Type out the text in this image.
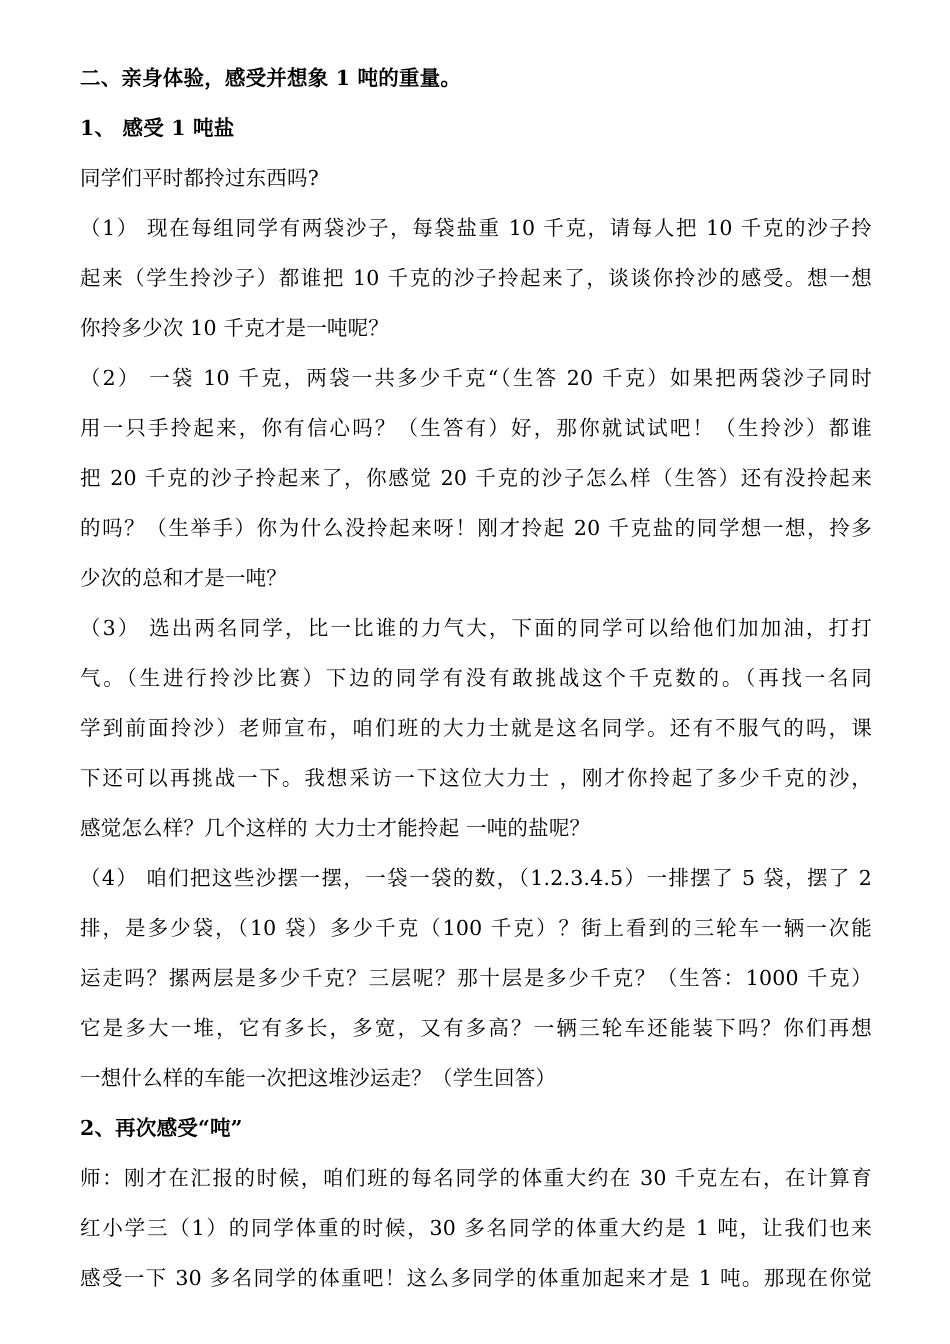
二、亲身体验，感受并想象 1 吨的重量。
1、 感受 1 吨盐
同学们平时都拎过东西吗?
（1） 现在每组同学有两袋沙子，每袋盐重 10 千克，请每人把 10 千克的沙子拎
起来（学生拎沙子）都谁把 10 千克的沙子拎起来了，谈谈你拎沙的感受。想一想
你拎多少次 10 千克才是一吨呢？
（2） 一袋 10 千克，两袋一共多少千克“（生答 20 千克）如果把两袋沙子同时
用一只手拎起来，你有信心吗？（生答有）好，那你就试试吧！（生拎沙）都谁
把 20 千克的沙子拎起来了，你感觉 20 千克的沙子怎么样（生答）还有没拎起来
的吗？（生举手）你为什么没拎起来呀！刚才拎起 20 千克盐的同学想一想，拎多
少次的总和才是一吨？
（3） 选出两名同学，比一比谁的力气大，下面的同学可以给他们加加油，打打
气。（生进行拎沙比赛）下边的同学有没有敢挑战这个千克数的。（再找一名同
学到前面拎沙）老师宣布，咱们班的大力士就是这名同学。还有不服气的吗，课
下还可以再挑战一下。我想采访一下这位大力士 ，刚才你拎起了多少千克的沙，
感觉怎么样？几个这样的 大力士才能拎起 一吨的盐呢？
（4） 咱们把这些沙摆一摆，一袋一袋的数，（1.2.3.4.5）一排摆了 5 袋，摆了 2
排，是多少袋，（10 袋）多少千克（100 千克）？街上看到的三轮车一辆一次能
运走吗？摞两层是多少千克？三层呢？那十层是多少千克？（生答：1000 千克）
它是多大一堆，它有多长，多宽，又有多高？一辆三轮车还能装下吗？你们再想
一想什么样的车能一次把这堆沙运走？（学生回答）
2、再次感受“吨”
师：刚才在汇报的时候，咱们班的每名同学的体重大约在 30 千克左右，在计算育
红小学三（1）的同学体重的时候，30 多名同学的体重大约是 1 吨，让我们也来
感受一下 30 多名同学的体重吧！这么多同学的体重加起来才是 1 吨。那现在你觉
